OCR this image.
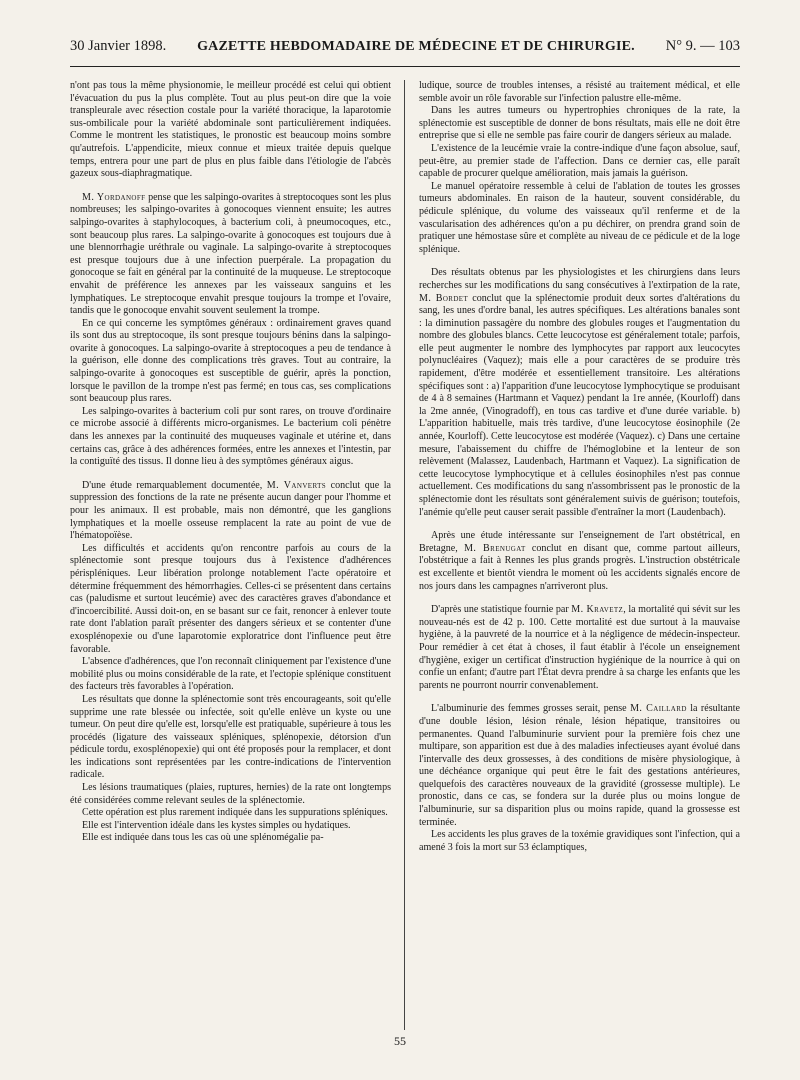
30 Janvier 1898. GAZETTE HEBDOMADAIRE DE MÉDECINE ET DE CHIRURGIE. N° 9. — 103

n'ont pas tous la même physionomie, le meilleur procédé est celui qui obtient l'évacuation du pus la plus complète. Tout au plus peut-on dire que la voie transpleurale avec résection costale pour la variété thoracique, la laparotomie sus-ombilicale pour la variété abdominale sont particulièrement indiquées. Comme le montrent les statistiques, le pronostic est beaucoup moins sombre qu'autrefois. L'appendicite, mieux connue et mieux traitée depuis quelque temps, entrera pour une part de plus en plus faible dans l'étiologie de l'abcès gazeux sous-diaphragmatique.

M. Yordanoff pense que les salpingo-ovarites à streptocoques sont les plus nombreuses; les salpingo-ovarites à gonocoques viennent ensuite; les autres salpingo-ovarites à staphylocoques, à bacterium coli, à pneumocoques, etc., sont beaucoup plus rares. La salpingo-ovarite à gonocoques est toujours due à une blennorrhagie uréthrale ou vaginale. La salpingo-ovarite à streptocoques est presque toujours due à une infection puerpérale. La propagation du gonocoque se fait en général par la continuité de la muqueuse. Le streptocoque envahit de préférence les annexes par les vaisseaux sanguins et les lymphatiques. Le streptocoque envahit presque toujours la trompe et l'ovaire, tandis que le gonocoque envahit souvent seulement la trompe.

En ce qui concerne les symptômes généraux : ordinairement graves quand ils sont dus au streptocoque, ils sont presque toujours bénins dans la salpingo-ovarite à gonocoques. La salpingo-ovarite à streptocoques a peu de tendance à la guérison, elle donne des complications très graves. Tout au contraire, la salpingo-ovarite à gonocoques est susceptible de guérir, après la ponction, lorsque le pavillon de la trompe n'est pas fermé; en tous cas, ses complications sont beaucoup plus rares.

Les salpingo-ovarites à bacterium coli pur sont rares, on trouve d'ordinaire ce microbe associé à différents micro-organismes. Le bacterium coli pénètre dans les annexes par la continuité des muqueuses vaginale et utérine et, dans certains cas, grâce à des adhérences formées, entre les annexes et l'intestin, par la contiguïté des tissus. Il donne lieu à des symptômes généraux aigus.

D'une étude remarquablement documentée, M. Vanverts conclut que la suppression des fonctions de la rate ne présente aucun danger pour l'homme et pour les animaux. Il est probable, mais non démontré, que les ganglions lymphatiques et la moelle osseuse remplacent la rate au point de vue de l'hématopoïèse.

Les difficultés et accidents qu'on rencontre parfois au cours de la splénectomie sont presque toujours dus à l'existence d'adhérences périspléniques. Leur libération prolonge notablement l'acte opératoire et détermine fréquemment des hémorrhagies. Celles-ci se présentent dans certains cas (paludisme et surtout leucémie) avec des caractères graves d'abondance et d'incoercibilité. Aussi doit-on, en se basant sur ce fait, renoncer à enlever toute rate dont l'ablation paraît présenter des dangers sérieux et se contenter d'une exosplénopexie ou d'une laparotomie exploratrice dont l'influence peut être favorable.

L'absence d'adhérences, que l'on reconnaît cliniquement par l'existence d'une mobilité plus ou moins considérable de la rate, et l'ectopie splénique constituent des facteurs très favorables à l'opération.

Les résultats que donne la splénectomie sont très encourageants, soit qu'elle supprime une rate blessée ou infectée, soit qu'elle enlève un kyste ou une tumeur. On peut dire qu'elle est, lorsqu'elle est pratiquable, supérieure à tous les procédés (ligature des vaisseaux spléniques, splénopexie, détorsion d'un pédicule tordu, exosplénopexie) qui ont été proposés pour la remplacer, et dont les indications sont représentées par les contre-indications de l'intervention radicale.

Les lésions traumatiques (plaies, ruptures, hernies) de la rate ont longtemps été considérées comme relevant seules de la splénectomie.

Cette opération est plus rarement indiquée dans les suppurations spléniques.

Elle est l'intervention idéale dans les kystes simples ou hydatiques.

Elle est indiquée dans tous les cas où une splénomégalie pa-

ludique, source de troubles intenses, a résisté au traitement médical, et elle semble avoir un rôle favorable sur l'infection palustre elle-même.

Dans les autres tumeurs ou hypertrophies chroniques de la rate, la splénectomie est susceptible de donner de bons résultats, mais elle ne doit être entreprise que si elle ne semble pas faire courir de dangers sérieux au malade.

L'existence de la leucémie vraie la contre-indique d'une façon absolue, sauf, peut-être, au premier stade de l'affection. Dans ce dernier cas, elle paraît capable de procurer quelque amélioration, mais jamais la guérison.

Le manuel opératoire ressemble à celui de l'ablation de toutes les grosses tumeurs abdominales. En raison de la hauteur, souvent considérable, du pédicule splénique, du volume des vaisseaux qu'il renferme et de la vascularisation des adhérences qu'on a pu déchirer, on prendra grand soin de pratiquer une hémostase sûre et complète au niveau de ce pédicule et de la loge splénique.

Des résultats obtenus par les physiologistes et les chirurgiens dans leurs recherches sur les modifications du sang consécutives à l'extirpation de la rate, M. Bordet conclut que la splénectomie produit deux sortes d'altérations du sang, les unes d'ordre banal, les autres spécifiques. Les altérations banales sont : la diminution passagère du nombre des globules rouges et l'augmentation du nombre des globules blancs. Cette leucocytose est généralement totale; parfois, elle peut augmenter le nombre des lymphocytes par rapport aux leucocytes polynucléaires (Vaquez); mais elle a pour caractères de se produire très rapidement, d'être modérée et essentiellement transitoire. Les altérations spécifiques sont : a) l'apparition d'une leucocytose lymphocytique se produisant de 4 à 8 semaines (Hartmann et Vaquez) pendant la 1re année, (Kourloff) dans la 2me année, (Vinogradoff), en tous cas tardive et d'une durée variable. b) L'apparition habituelle, mais très tardive, d'une leucocytose éosinophile (2e année, Kourloff). Cette leucocytose est modérée (Vaquez). c) Dans une certaine mesure, l'abaissement du chiffre de l'hémoglobine et la lenteur de son relèvement (Malassez, Laudenbach, Hartmann et Vaquez). La signification de cette leucocytose lymphocytique et à cellules éosinophiles n'est pas connue actuellement. Ces modifications du sang n'assombrissent pas le pronostic de la splénectomie dont les résultats sont généralement suivis de guérison; toutefois, l'anémie qu'elle peut causer serait passible d'entraîner la mort (Laudenbach).

Après une étude intéressante sur l'enseignement de l'art obstétrical, en Bretagne, M. Brenugat conclut en disant que, comme partout ailleurs, l'obstétrique a fait à Rennes les plus grands progrès. L'instruction obstétricale est excellente et bientôt viendra le moment où les accidents signalés encore de nos jours dans les campagnes n'arriveront plus.

D'après une statistique fournie par M. Kravetz, la mortalité qui sévit sur les nouveau-nés est de 42 p. 100. Cette mortalité est due surtout à la mauvaise hygiène, à la pauvreté de la nourrice et à la négligence de médecin-inspecteur. Pour remédier à cet état à choses, il faut établir à l'école un enseignement d'hygiène, exiger un certificat d'instruction hygiénique de la nourrice à qui on confie un enfant; d'autre part l'État devra prendre à sa charge les enfants que les parents ne pourront nourrir convenablement.

L'albuminurie des femmes grosses serait, pense M. Caillard la résultante d'une double lésion, lésion rénale, lésion hépatique, transitoires ou permanentes. Quand l'albuminurie survient pour la première fois chez une multipare, son apparition est due à des maladies infectieuses ayant évolué dans l'intervalle des deux grossesses, à des conditions de misère physiologique, à une déchéance organique qui peut être le fait des gestations antérieures, quelquefois des caractères nouveaux de la gravidité (grossesse multiple). Le pronostic, dans ce cas, se fondera sur la durée plus ou moins longue de l'albuminurie, sur sa disparition plus ou moins rapide, quand la grossesse est terminée.

Les accidents les plus graves de la toxémie gravidiques sont l'infection, qui a amené 3 fois la mort sur 53 éclamptiques,

55
